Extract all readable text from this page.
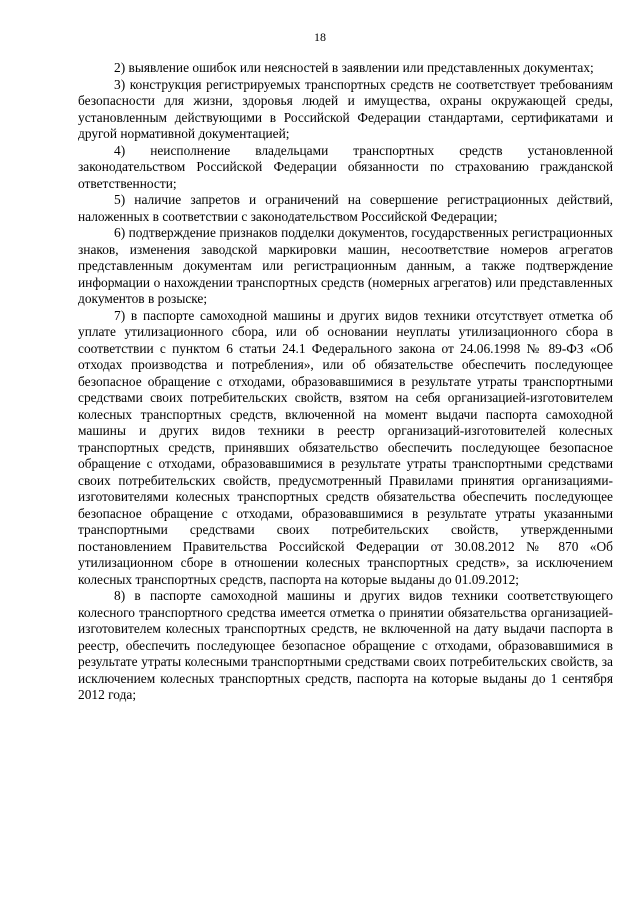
18

2) выявление ошибок или неясностей в заявлении или представленных документах;

3) конструкция регистрируемых транспортных средств не соответствует требованиям безопасности для жизни, здоровья людей и имущества, охраны окружающей среды, установленным действующими в Российской Федерации стандартами, сертификатами и другой нормативной документацией;

4) неисполнение владельцами транспортных средств установленной законодательством Российской Федерации обязанности по страхованию гражданской ответственности;

5) наличие запретов и ограничений на совершение регистрационных действий, наложенных в соответствии с законодательством Российской Федерации;

6) подтверждение признаков подделки документов, государственных регистрационных знаков, изменения заводской маркировки машин, несоответствие номеров агрегатов представленным документам или регистрационным данным, а также подтверждение информации о нахождении транспортных средств (номерных агрегатов) или представленных документов в розыске;

7) в паспорте самоходной машины и других видов техники отсутствует отметка об уплате утилизационного сбора, или об основании неуплаты утилизационного сбора в соответствии с пунктом 6 статьи 24.1 Федерального закона от 24.06.1998 № 89-ФЗ «Об отходах производства и потребления», или об обязательстве обеспечить последующее безопасное обращение с отходами, образовавшимися в результате утраты транспортными средствами своих потребительских свойств, взятом на себя организацией-изготовителем колесных транспортных средств, включенной на момент выдачи паспорта самоходной машины и других видов техники в реестр организаций-изготовителей колесных транспортных средств, принявших обязательство обеспечить последующее безопасное обращение с отходами, образовавшимися в результате утраты транспортными средствами своих потребительских свойств, предусмотренный Правилами принятия организациями- изготовителями колесных транспортных средств обязательства обеспечить последующее безопасное обращение с отходами, образовавшимися в результате утраты указанными транспортными средствами своих потребительских свойств, утвержденными постановлением Правительства Российской Федерации от 30.08.2012 № 870 «Об утилизационном сборе в отношении колесных транспортных средств», за исключением колесных транспортных средств, паспорта на которые выданы до 01.09.2012;

8) в паспорте самоходной машины и других видов техники соответствующего колесного транспортного средства имеется отметка о принятии обязательства организацией-изготовителем колесных транспортных средств, не включенной на дату выдачи паспорта в реестр, обеспечить последующее безопасное обращение с отходами, образовавшимися в результате утраты колесными транспортными средствами своих потребительских свойств, за исключением колесных транспортных средств, паспорта на которые выданы до 1 сентября 2012 года;
